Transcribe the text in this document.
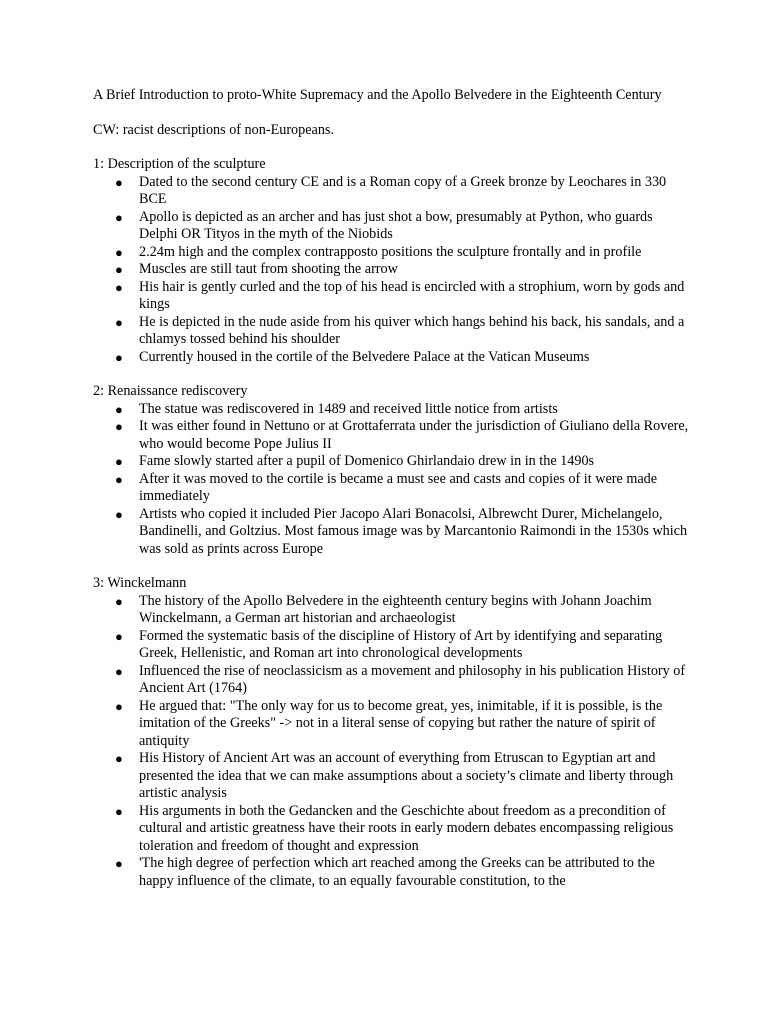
A Brief Introduction to proto-White Supremacy and the Apollo Belvedere in the Eighteenth Century
CW: racist descriptions of non-Europeans.
1: Description of the sculpture
● Dated to the second century CE and is a Roman copy of a Greek bronze by Leochares in 330 BCE
● Apollo is depicted as an archer and has just shot a bow, presumably at Python, who guards Delphi OR Tityos in the myth of the Niobids
● 2.24m high and the complex contrapposto positions the sculpture frontally and in profile
● Muscles are still taut from shooting the arrow
● His hair is gently curled and the top of his head is encircled with a strophium, worn by gods and kings
● He is depicted in the nude aside from his quiver which hangs behind his back, his sandals, and a chlamys tossed behind his shoulder
● Currently housed in the cortile of the Belvedere Palace at the Vatican Museums
2: Renaissance rediscovery
● The statue was rediscovered in 1489 and received little notice from artists
● It was either found in Nettuno or at Grottaferrata under the jurisdiction of Giuliano della Rovere, who would become Pope Julius II
● Fame slowly started after a pupil of Domenico Ghirlandaio drew in in the 1490s
● After it was moved to the cortile is became a must see and casts and copies of it were made immediately
● Artists who copied it included Pier Jacopo Alari Bonacolsi, Albrewcht Durer, Michelangelo, Bandinelli, and Goltzius. Most famous image was by Marcantonio Raimondi in the 1530s which was sold as prints across Europe
3: Winckelmann
● The history of the Apollo Belvedere in the eighteenth century begins with Johann Joachim Winckelmann, a German art historian and archaeologist
● Formed the systematic basis of the discipline of History of Art by identifying and separating Greek, Hellenistic, and Roman art into chronological developments
● Influenced the rise of neoclassicism as a movement and philosophy in his publication History of Ancient Art (1764)
● He argued that: "The only way for us to become great, yes, inimitable, if it is possible, is the imitation of the Greeks" -> not in a literal sense of copying but rather the nature of spirit of antiquity
● His History of Ancient Art was an account of everything from Etruscan to Egyptian art and presented the idea that we can make assumptions about a society’s climate and liberty through artistic analysis
● His arguments in both the Gedancken and the Geschichte about freedom as a precondition of cultural and artistic greatness have their roots in early modern debates encompassing religious toleration and freedom of thought and expression
● 'The high degree of perfection which art reached among the Greeks can be attributed to the happy influence of the climate, to an equally favourable constitution, to the
